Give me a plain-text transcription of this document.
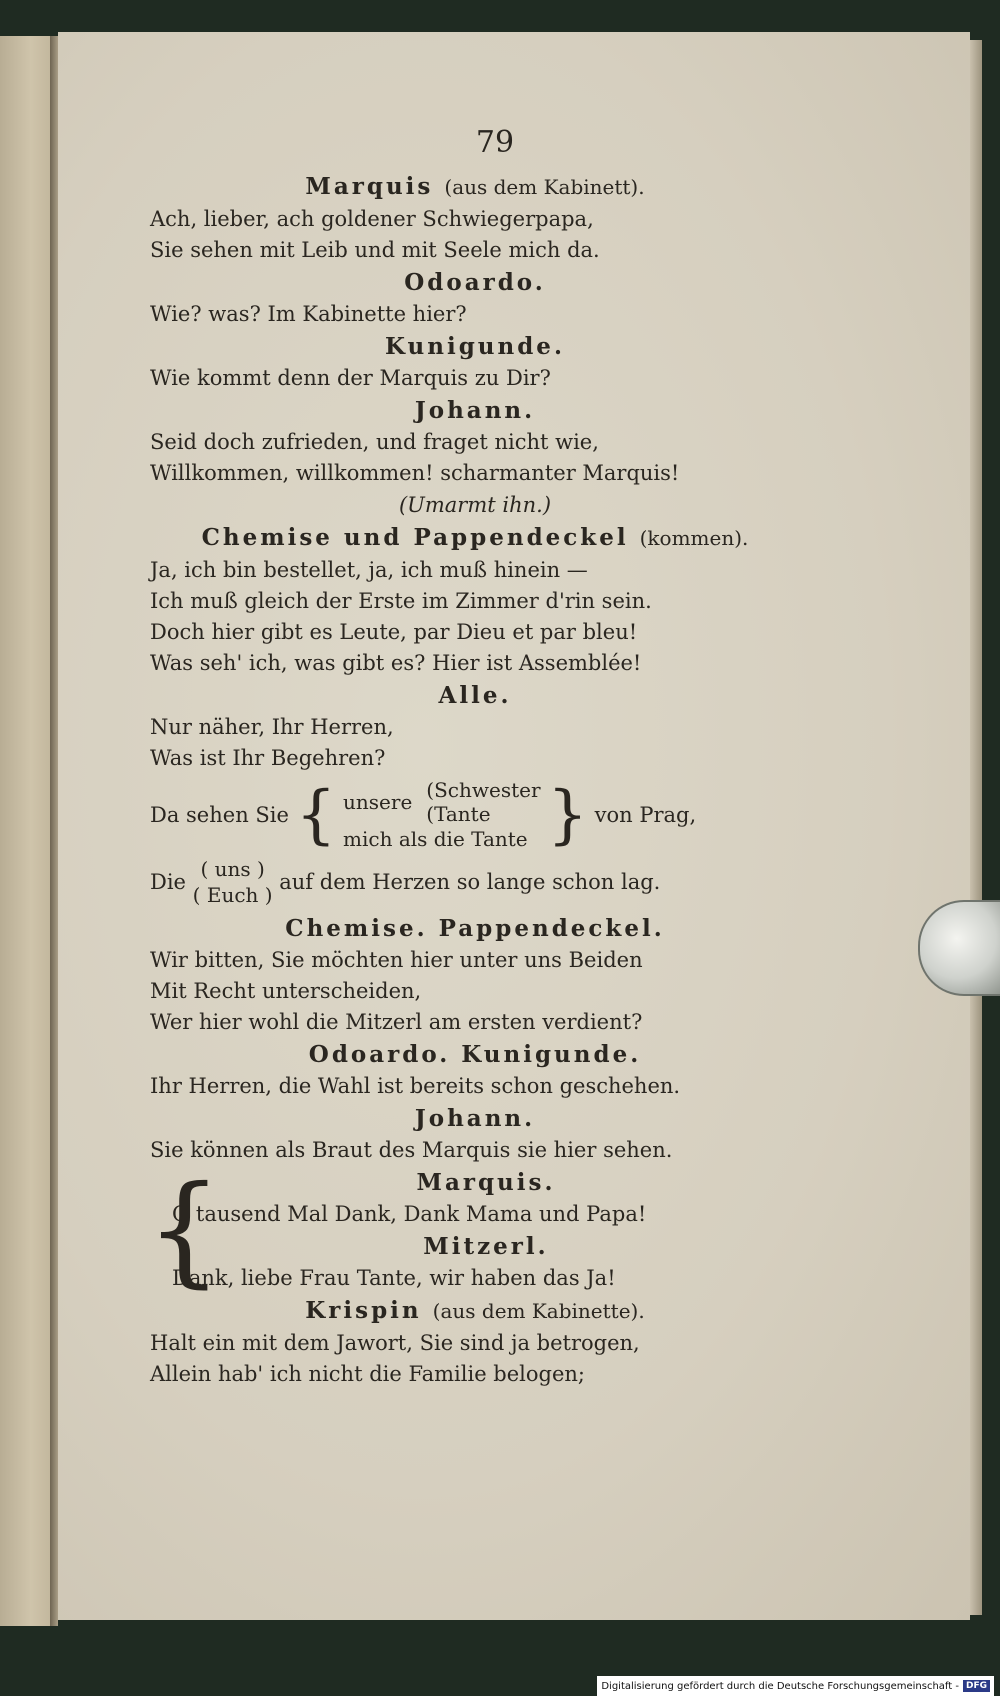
79
Marquis (aus dem Kabinett).
Ach, lieber, ach goldener Schwiegerpapa,
Sie sehen mit Leib und mit Seele mich da.
Odoardo.
Wie? was? Im Kabinette hier?
Kunigunde.
Wie kommt denn der Marquis zu Dir?
Johann.
Seid doch zufrieden, und fraget nicht wie,
Willkommen, willkommen! scharmanter Marquis!
(Umarmt ihn.)
Chemise und Pappendeckel (kommen).
Ja, ich bin bestellet, ja, ich muß hinein —
Ich muß gleich der Erste im Zimmer d'rin sein.
Doch hier gibt es Leute, par Dieu et par bleu!
Was seh' ich, was gibt es? Hier ist Assemblée!
Alle.
Nur näher, Ihr Herren,
Was ist Ihr Begehren?
Da sehen Sie { unsere (Schwester
(Tante
mich als die Tante } von Prag,
Die ( uns )
( Euch ) auf dem Herzen so lange schon lag.
Chemise. Pappendeckel.
Wir bitten, Sie möchten hier unter uns Beiden
Mit Recht unterscheiden,
Wer hier wohl die Mitzerl am ersten verdient?
Odoardo. Kunigunde.
Ihr Herren, die Wahl ist bereits schon geschehen.
Johann.
Sie können als Braut des Marquis sie hier sehen.
{	Marquis.
O tausend Mal Dank, Dank Mama und Papa!
Mitzerl.
Dank, liebe Frau Tante, wir haben das Ja!
Krispin (aus dem Kabinette).
Halt ein mit dem Jawort, Sie sind ja betrogen,
Allein hab' ich nicht die Familie belogen;
Digitalisierung gefördert durch die Deutsche Forschungsgemeinschaft - DFG
